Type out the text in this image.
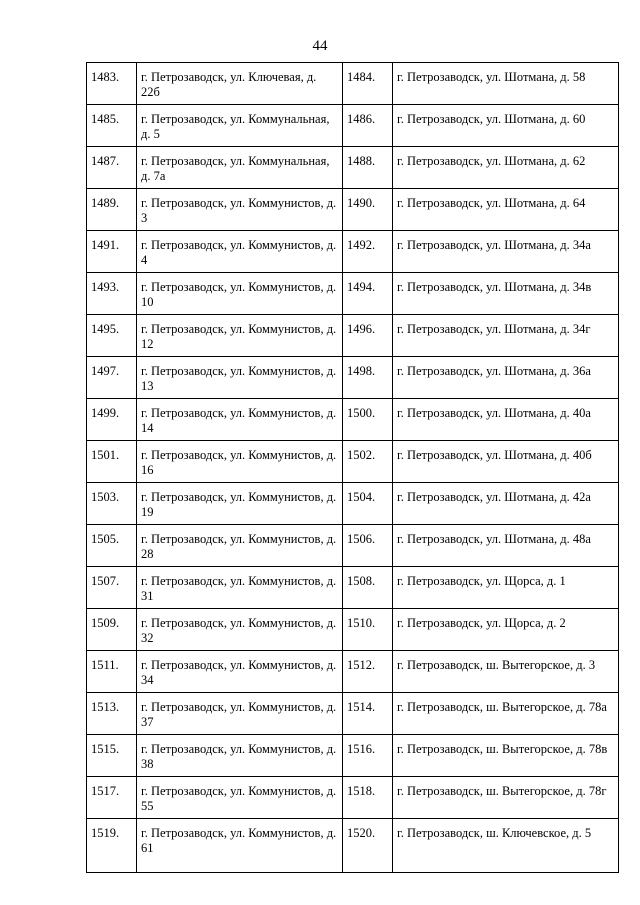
44
1483.	г. Петрозаводск, ул. Ключевая, д. 22б	1484.	г. Петрозаводск, ул. Шотмана, д. 58
1485.	г. Петрозаводск, ул. Коммунальная, д. 5	1486.	г. Петрозаводск, ул. Шотмана, д. 60
1487.	г. Петрозаводск, ул. Коммунальная, д. 7а	1488.	г. Петрозаводск, ул. Шотмана, д. 62
1489.	г. Петрозаводск, ул. Коммунистов, д. 3	1490.	г. Петрозаводск, ул. Шотмана, д. 64
1491.	г. Петрозаводск, ул. Коммунистов, д. 4	1492.	г. Петрозаводск, ул. Шотмана, д. 34а
1493.	г. Петрозаводск, ул. Коммунистов, д. 10	1494.	г. Петрозаводск, ул. Шотмана, д. 34в
1495.	г. Петрозаводск, ул. Коммунистов, д. 12	1496.	г. Петрозаводск, ул. Шотмана, д. 34г
1497.	г. Петрозаводск, ул. Коммунистов, д. 13	1498.	г. Петрозаводск, ул. Шотмана, д. 36а
1499.	г. Петрозаводск, ул. Коммунистов, д. 14	1500.	г. Петрозаводск, ул. Шотмана, д. 40а
1501.	г. Петрозаводск, ул. Коммунистов, д. 16	1502.	г. Петрозаводск, ул. Шотмана, д. 40б
1503.	г. Петрозаводск, ул. Коммунистов, д. 19	1504.	г. Петрозаводск, ул. Шотмана, д. 42а
1505.	г. Петрозаводск, ул. Коммунистов, д. 28	1506.	г. Петрозаводск, ул. Шотмана, д. 48а
1507.	г. Петрозаводск, ул. Коммунистов, д. 31	1508.	г. Петрозаводск, ул. Щорса, д. 1
1509.	г. Петрозаводск, ул. Коммунистов, д. 32	1510.	г. Петрозаводск, ул. Щорса, д. 2
1511.	г. Петрозаводск, ул. Коммунистов, д. 34	1512.	г. Петрозаводск, ш. Вытегорское, д. 3
1513.	г. Петрозаводск, ул. Коммунистов, д. 37	1514.	г. Петрозаводск, ш. Вытегорское, д. 78а
1515.	г. Петрозаводск, ул. Коммунистов, д. 38	1516.	г. Петрозаводск, ш. Вытегорское, д. 78в
1517.	г. Петрозаводск, ул. Коммунистов, д. 55	1518.	г. Петрозаводск, ш. Вытегорское, д. 78г
1519.	г. Петрозаводск, ул. Коммунистов, д. 61	1520.	г. Петрозаводск, ш. Ключевское, д. 5
